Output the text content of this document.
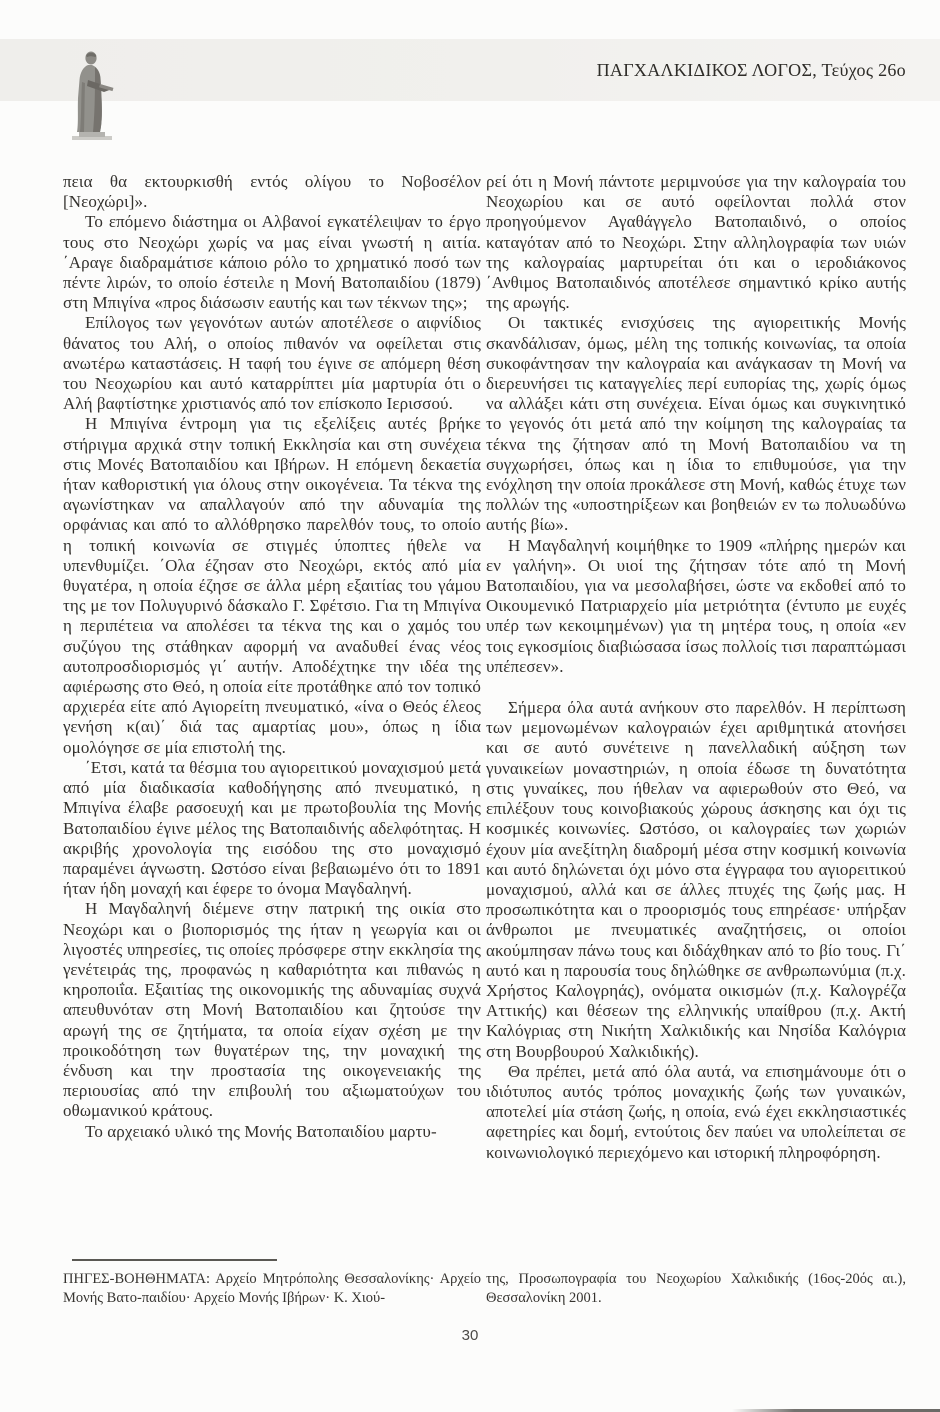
ΠΑΓΧΑΛΚΙΔΙΚΟΣ ΛΟΓΟΣ, Τεύχος 26ο

πεια θα εκτουρκισθή εντός ολίγου το Νοβοσέλον [Νεοχώρι]».

Το επόμενο διάστημα οι Αλβανοί εγκατέλειψαν το έργο τους στο Νεοχώρι χωρίς να μας είναι γνωστή η αιτία. ΄Αραγε διαδραμάτισε κάποιο ρόλο το χρηματικό ποσό των πέντε λιρών, το οποίο έστειλε η Μονή Βατοπαιδίου (1879) στη Μπιγίνα «προς διάσωσιν εαυτής και των τέκνων της»;

Επίλογος των γεγονότων αυτών αποτέλεσε ο αιφνίδιος θάνατος του Αλή, ο οποίος πιθανόν να οφείλεται στις ανωτέρω καταστάσεις. Η ταφή του έγινε σε απόμερη θέση του Νεοχωρίου και αυτό καταρρίπτει μία μαρτυρία ότι ο Αλή βαφτίστηκε χριστιανός από τον επίσκοπο Ιερισσού.

Η Μπιγίνα έντρομη για τις εξελίξεις αυτές βρήκε στήριγμα αρχικά στην τοπική Εκκλησία και στη συνέχεια στις Μονές Βατοπαιδίου και Ιβήρων. Η επόμενη δεκαετία ήταν καθοριστική για όλους στην οικογένεια. Τα τέκνα της αγωνίστηκαν να απαλλαγούν από την αδυναμία της ορφάνιας και από το αλλόθρησκο παρελθόν τους, το οποίο η τοπική κοινωνία σε στιγμές ύποπτες ήθελε να υπενθυμίζει. ΄Ολα έζησαν στο Νεοχώρι, εκτός από μία θυγατέρα, η οποία έζησε σε άλλα μέρη εξαιτίας του γάμου της με τον Πολυγυρινό δάσκαλο Γ. Σφέτσιο. Για τη Μπιγίνα η περιπέτεια να απολέσει τα τέκνα της και ο χαμός του συζύγου της στάθηκαν αφορμή να αναδυθεί ένας νέος αυτοπροσδιορισμός γι΄ αυτήν. Αποδέχτηκε την ιδέα της αφιέρωσης στο Θεό, η οποία είτε προτάθηκε από τον τοπικό αρχιερέα είτε από Αγιορείτη πνευματικό, «ίνα ο Θεός έλεος γενήση κ(αι)΄ διά τας αμαρτίας μου», όπως η ίδια ομολόγησε σε μία επιστολή της.

΄Ετσι, κατά τα θέσμια του αγιορειτικού μοναχισμού μετά από μία διαδικασία καθοδήγησης από πνευματικό, η Μπιγίνα έλαβε ρασοευχή και με πρωτοβουλία της Μονής Βατοπαιδίου έγινε μέλος της Βατοπαιδινής αδελφότητας. Η ακριβής χρονολογία της εισόδου της στο μοναχισμό παραμένει άγνωστη. Ωστόσο είναι βεβαιωμένο ότι το 1891 ήταν ήδη μοναχή και έφερε το όνομα Μαγδαληνή.

Η Μαγδαληνή διέμενε στην πατρική της οικία στο Νεοχώρι και ο βιοπορισμός της ήταν η γεωργία και οι λιγοστές υπηρεσίες, τις οποίες πρόσφερε στην εκκλησία της γενέτειράς της, προφανώς η καθαριότητα και πιθανώς η κηροποιΐα. Εξαιτίας της οικονομικής της αδυναμίας συχνά απευθυνόταν στη Μονή Βατοπαιδίου και ζητούσε την αρωγή της σε ζητήματα, τα οποία είχαν σχέση με την προικοδότηση των θυγατέρων της, την μοναχική της ένδυση και την προστασία της οικογενειακής της περιουσίας από την επιβουλή του αξιωματούχων του οθωμανικού κράτους.

Το αρχειακό υλικό της Μονής Βατοπαιδίου μαρτυ-

ρεί ότι η Μονή πάντοτε μεριμνούσε για την καλογραία του Νεοχωρίου και σε αυτό οφείλονται πολλά στον προηγούμενον Αγαθάγγελο Βατοπαιδινό, ο οποίος καταγόταν από το Νεοχώρι. Στην αλληλογραφία των υιών της καλογραίας μαρτυρείται ότι και ο ιεροδιάκονος ΄Ανθιμος Βατοπαιδινός αποτέλεσε σημαντικό κρίκο αυτής της αρωγής.

Οι τακτικές ενισχύσεις της αγιορειτικής Μονής σκανδάλισαν, όμως, μέλη της τοπικής κοινωνίας, τα οποία συκοφάντησαν την καλογραία και ανάγκασαν τη Μονή να διερευνήσει τις καταγγελίες περί ευπορίας της, χωρίς όμως να αλλάξει κάτι στη συνέχεια. Είναι όμως και συγκινητικό το γεγονός ότι μετά από την κοίμηση της καλογραίας τα τέκνα της ζήτησαν από τη Μονή Βατοπαιδίου να τη συγχωρήσει, όπως και η ίδια το επιθυμούσε, για την ενόχληση την οποία προκάλεσε στη Μονή, καθώς έτυχε των πολλών της «υποστηρίξεων και βοηθειών εν τω πολυωδύνω αυτής βίω».

Η Μαγδαληνή κοιμήθηκε το 1909 «πλήρης ημερών και εν γαλήνη». Οι υιοί της ζήτησαν τότε από τη Μονή Βατοπαιδίου, για να μεσολαβήσει, ώστε να εκδοθεί από το Οικουμενικό Πατριαρχείο μία μετριότητα (έντυπο με ευχές υπέρ των κεκοιμημένων) για τη μητέρα τους, η οποία «εν τοις εγκοσμίοις διαβιώσασα ίσως πολλοίς τισι παραπτώμασι υπέπεσεν».

Σήμερα όλα αυτά ανήκουν στο παρελθόν. Η περίπτωση των μεμονωμένων καλογραιών έχει αριθμητικά ατονήσει και σε αυτό συνέτεινε η πανελλαδική αύξηση των γυναικείων μοναστηριών, η οποία έδωσε τη δυνατότητα στις γυναίκες, που ήθελαν να αφιερωθούν στο Θεό, να επιλέξουν τους κοινοβιακούς χώρους άσκησης και όχι τις κοσμικές κοινωνίες. Ωστόσο, οι καλογραίες των χωριών έχουν μία ανεξίτηλη διαδρομή μέσα στην κοσμική κοινωνία και αυτό δηλώνεται όχι μόνο στα έγγραφα του αγιορειτικού μοναχισμού, αλλά και σε άλλες πτυχές της ζωής μας. Η προσωπικότητα και ο προορισμός τους επηρέασε· υπήρξαν άνθρωποι με πνευματικές αναζητήσεις, οι οποίοι ακούμπησαν πάνω τους και διδάχθηκαν από το βίο τους. Γι΄ αυτό και η παρουσία τους δηλώθηκε σε ανθρωπωνύμια (π.χ. Χρήστος Καλογρηάς), ονόματα οικισμών (π.χ. Καλογρέζα Αττικής) και θέσεων της ελληνικής υπαίθρου (π.χ. Ακτή Καλόγριας στη Νικήτη Χαλκιδικής και Νησίδα Καλόγρια στη Βουρβουρού Χαλκιδικής).

Θα πρέπει, μετά από όλα αυτά, να επισημάνουμε ότι ο ιδιότυπος αυτός τρόπος μοναχικής ζωής των γυναικών, αποτελεί μία στάση ζωής, η οποία, ενώ έχει εκκλησιαστικές αφετηρίες και δομή, εντούτοις δεν παύει να υπολείπεται σε κοινωνιολογικό περιεχόμενο και ιστορική πληροφόρηση.

ΠΗΓΕΣ-ΒΟΗΘΗΜΑΤΑ: Αρχείο Μητρόπολης Θεσσαλονίκης· Αρχείο Μονής Βατο-παιδίου· Αρχείο Μονής Ιβήρων· Κ. Χιού-
της, Προσωπογραφία του Νεοχωρίου Χαλκιδικής (16ος-20ός αι.), Θεσσαλονίκη 2001.
30
